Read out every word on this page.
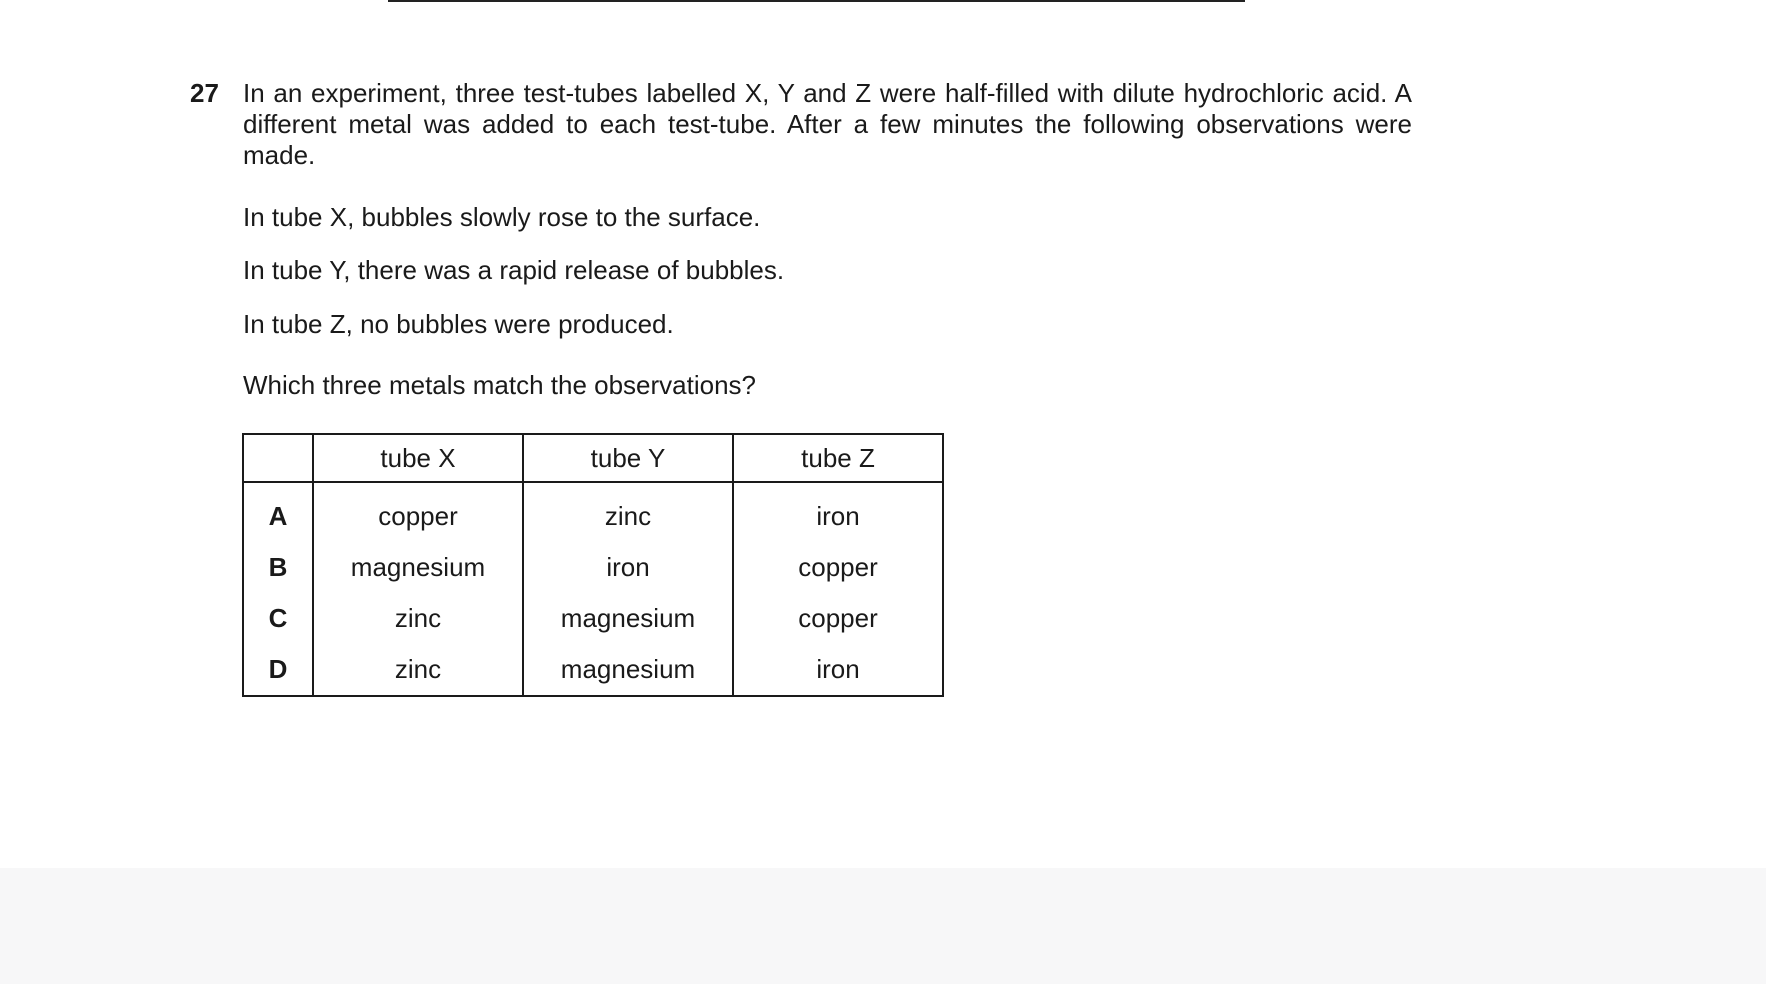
27 In an experiment, three test-tubes labelled X, Y and Z were half-filled with dilute hydrochloric acid. A different metal was added to each test-tube. After a few minutes the following observations were made.
In tube X, bubbles slowly rose to the surface.
In tube Y, there was a rapid release of bubbles.
In tube Z, no bubbles were produced.
Which three metals match the observations?
	tube X	tube Y	tube Z
A	copper	zinc	iron
B	magnesium	iron	copper
C	zinc	magnesium	copper
D	zinc	magnesium	iron
